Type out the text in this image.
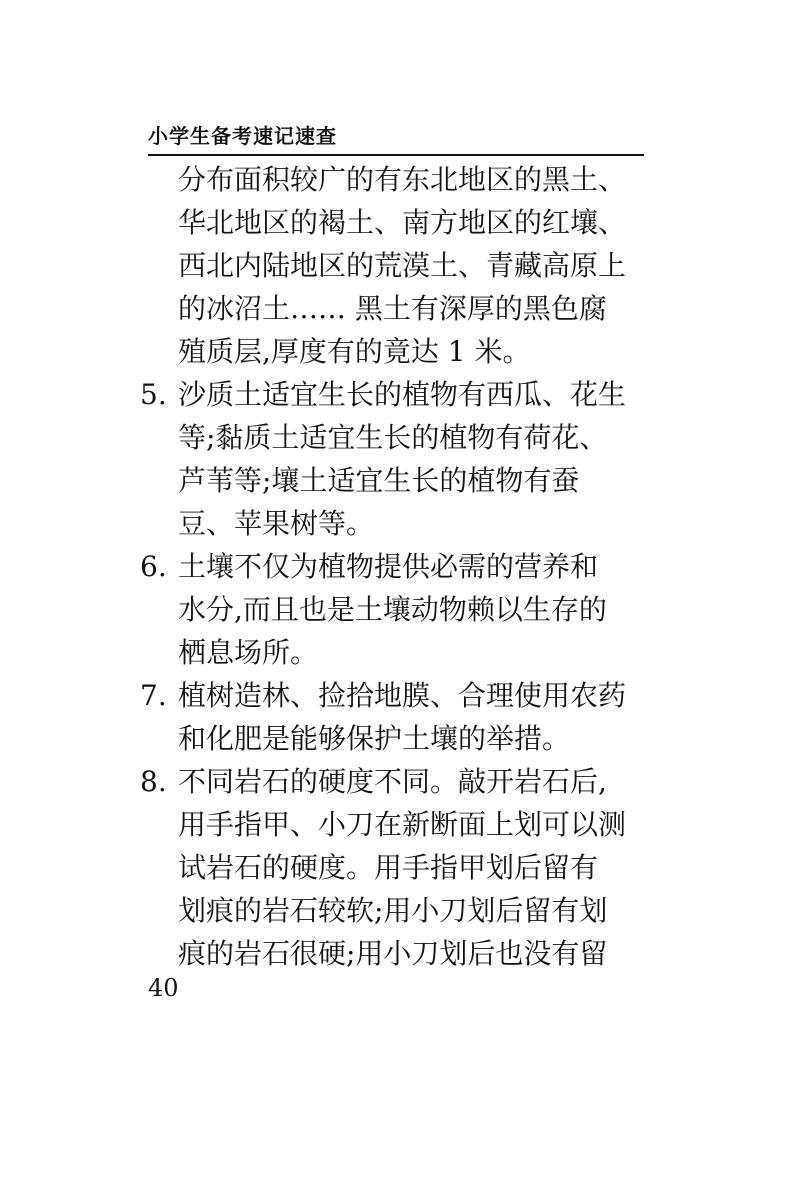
小学生备考速记速查
分布面积较广的有东北地区的黑土、
华北地区的褐土、南方地区的红壤、
西北内陆地区的荒漠土、青藏高原上
的冰沼土…… 黑土有深厚的黑色腐
殖质层,厚度有的竟达 1 米。
5. 沙质土适宜生长的植物有西瓜、花生
等;黏质土适宜生长的植物有荷花、
芦苇等;壤土适宜生长的植物有蚕
豆、苹果树等。
6. 土壤不仅为植物提供必需的营养和
水分,而且也是土壤动物赖以生存的
栖息场所。
7. 植树造林、捡拾地膜、合理使用农药
和化肥是能够保护土壤的举措。
8. 不同岩石的硬度不同。敲开岩石后,
用手指甲、小刀在新断面上划可以测
试岩石的硬度。用手指甲划后留有
划痕的岩石较软;用小刀划后留有划
痕的岩石很硬;用小刀划后也没有留
40
